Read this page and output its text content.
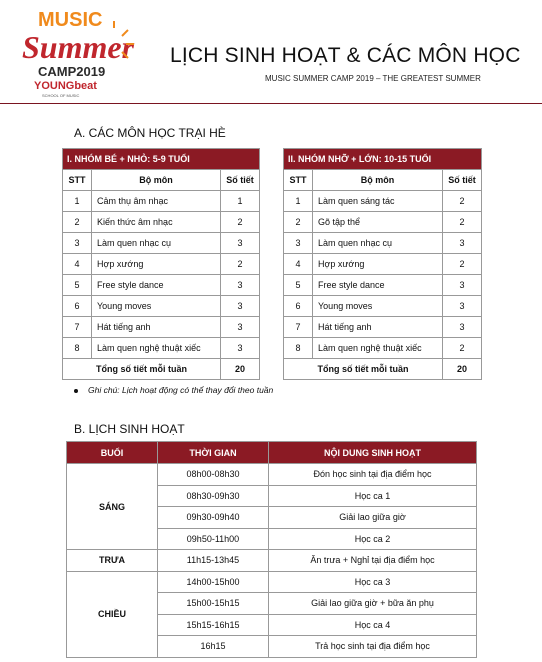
MUSIC
Summer
CAMP2019
YOUNGbeat
SCHOOL OF MUSIC
LỊCH SINH HOẠT & CÁC MÔN HỌC
MUSIC SUMMER CAMP 2019 – THE GREATEST SUMMER
A. CÁC MÔN HỌC TRẠI HÈ
I. NHÓM BÉ + NHỎ: 5-9 TUỔI		
STT	Bộ môn	Số tiết
1	Cảm thụ âm nhạc	1
2	Kiến thức âm nhạc	2
3	Làm quen nhạc cụ	3
4	Hợp xướng	2
5	Free style dance	3
6	Young moves	3
7	Hát tiếng anh	3
8	Làm quen nghệ thuật xiếc	3
Tổng số tiết mỗi tuần		20
II. NHÓM NHỠ + LỚN: 10-15 TUỔI		
STT	Bộ môn	Số tiết
1	Làm quen sáng tác	2
2	Gõ tập thể	2
3	Làm quen nhạc cụ	3
4	Hợp xướng	2
5	Free style dance	3
6	Young moves	3
7	Hát tiếng anh	3
8	Làm quen nghệ thuật xiếc	2
Tổng số tiết mỗi tuần		20
Ghi chú: Lịch hoạt động có thể thay đổi theo tuần
B. LỊCH SINH HOẠT
BUỔI	THỜI GIAN	NỘI DUNG SINH HOẠT
SÁNG	08h00-08h30	Đón học sinh tại địa điểm học
	08h30-09h30	Học ca 1
	09h30-09h40	Giải lao giữa giờ
	09h50-11h00	Học ca 2
TRƯA	11h15-13h45	Ăn trưa + Nghỉ tại địa điểm học
CHIỀU	14h00-15h00	Học ca 3
	15h00-15h15	Giải lao giữa giờ + bữa ăn phụ
	15h15-16h15	Học ca 4
	16h15	Trả học sinh tại địa điểm học
